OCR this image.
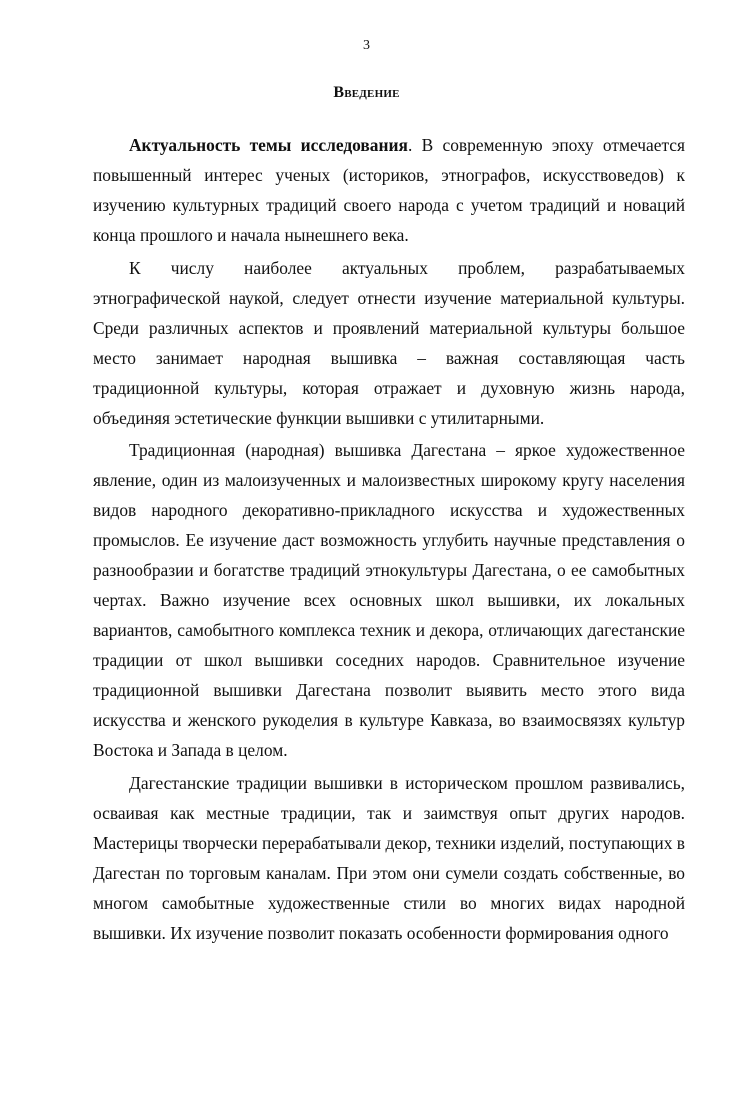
3
Введение

Актуальность темы исследования. В современную эпоху отмечается повышенный интерес ученых (историков, этнографов, искусствоведов) к изучению культурных традиций своего народа с учетом традиций и новаций конца прошлого и начала нынешнего века.

К числу наиболее актуальных проблем, разрабатываемых этнографической наукой, следует отнести изучение материальной культуры. Среди различных аспектов и проявлений материальной культуры большое место занимает народная вышивка – важная составляющая часть традиционной культуры, которая отражает и духовную жизнь народа, объединяя эстетические функции вышивки с утилитарными.

Традиционная (народная) вышивка Дагестана – яркое художественное явление, один из малоизученных и малоизвестных широкому кругу населения видов народного декоративно-прикладного искусства и художественных промыслов. Ее изучение даст возможность углубить научные представления о разнообразии и богатстве традиций этнокультуры Дагестана, о ее самобытных чертах. Важно изучение всех основных школ вышивки, их локальных вариантов, самобытного комплекса техник и декора, отличающих дагестанские традиции от школ вышивки соседних народов. Сравнительное изучение традиционной вышивки Дагестана позволит выявить место этого вида искусства и женского рукоделия в культуре Кавказа, во взаимосвязях культур Востока и Запада в целом.

Дагестанские традиции вышивки в историческом прошлом развивались, осваивая как местные традиции, так и заимствуя опыт других народов. Мастерицы творчески перерабатывали декор, техники изделий, поступающих в Дагестан по торговым каналам. При этом они сумели создать собственные, во многом самобытные художественные стили во многих видах народной вышивки. Их изучение позволит показать особенности формирования одного
